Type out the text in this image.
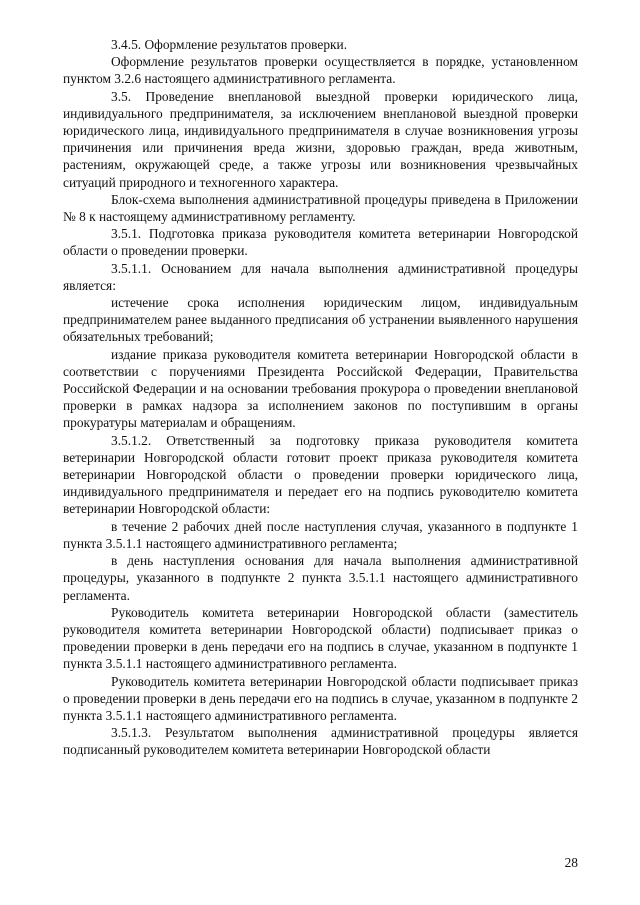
3.4.5. Оформление результатов проверки.

Оформление результатов проверки осуществляется в порядке, установленном пунктом 3.2.6 настоящего административного регламента.

3.5. Проведение внеплановой выездной проверки юридического лица, индивидуального предпринимателя, за исключением внеплановой выездной проверки юридического лица, индивидуального предпринимателя в случае возникновения угрозы причинения или причинения вреда жизни, здоровью граждан, вреда животным, растениям, окружающей среде, а также угрозы или возникновения чрезвычайных ситуаций природного и техногенного характера.

Блок-схема выполнения административной процедуры приведена в Приложении № 8 к настоящему административному регламенту.

3.5.1. Подготовка приказа руководителя комитета ветеринарии Новгородской области о проведении проверки.

3.5.1.1. Основанием для начала выполнения административной процедуры является:

истечение срока исполнения юридическим лицом, индивидуальным предпринимателем ранее выданного предписания об устранении выявленного нарушения обязательных требований;

издание приказа руководителя комитета ветеринарии Новгородской области в соответствии с поручениями Президента Российской Федерации, Правительства Российской Федерации и на основании требования прокурора о проведении внеплановой проверки в рамках надзора за исполнением законов по поступившим в органы прокуратуры материалам и обращениям.

3.5.1.2. Ответственный за подготовку приказа руководителя комитета ветеринарии Новгородской области готовит проект приказа руководителя комитета ветеринарии Новгородской области о проведении проверки юридического лица, индивидуального предпринимателя и передает его на подпись руководителю комитета ветеринарии Новгородской области:

в течение 2 рабочих дней после наступления случая, указанного в подпункте 1 пункта 3.5.1.1 настоящего административного регламента;

в день наступления основания для начала выполнения административной процедуры, указанного в подпункте 2 пункта 3.5.1.1 настоящего административного регламента.

Руководитель комитета ветеринарии Новгородской области (заместитель руководителя комитета ветеринарии Новгородской области) подписывает приказ о проведении проверки в день передачи его на подпись в случае, указанном в подпункте 1 пункта 3.5.1.1 настоящего административного регламента.

Руководитель комитета ветеринарии Новгородской области подписывает приказ о проведении проверки в день передачи его на подпись в случае, указанном в подпункте 2 пункта 3.5.1.1 настоящего административного регламента.

3.5.1.3. Результатом выполнения административной процедуры является подписанный руководителем комитета ветеринарии Новгородской области

28
